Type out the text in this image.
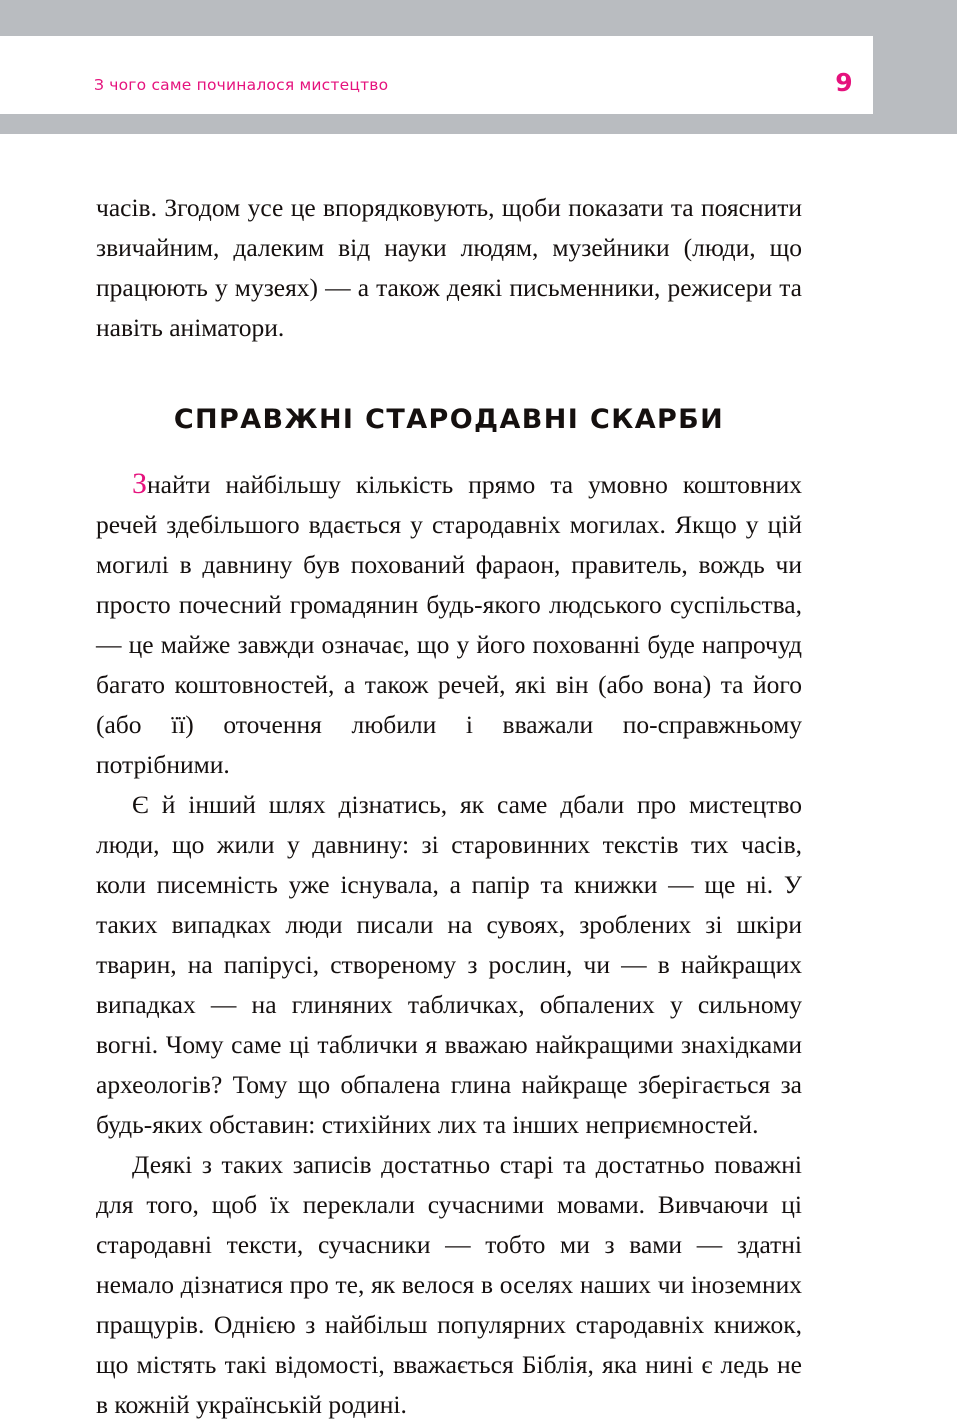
З чого саме починалося мистецтво	9

часів. Згодом усе це впорядковують, щоби показати та пояснити звичайним, далеким від науки людям, музейники (люди, що працюють у музеях) — а також деякі письменники, режисери та навіть аніматори.

СПРАВЖНІ СТАРОДАВНІ СКАРБИ

Знайти найбільшу кількість прямо та умовно коштовних речей здебільшого вдається у стародавніх могилах. Якщо у цій могилі в давнину був похований фараон, правитель, вождь чи просто почесний громадянин будь-якого людського суспільства, — це майже завжди означає, що у його похованні буде напрочуд багато коштовностей, а також речей, які він (або вона) та його (або її) оточення любили і вважали по-справжньому потрібними.

Є й інший шлях дізнатись, як саме дбали про мистецтво люди, що жили у давнину: зі старовинних текстів тих часів, коли писемність уже існувала, а папір та книжки — ще ні. У таких випадках люди писали на сувоях, зроблених зі шкіри тварин, на папірусі, створеному з рослин, чи — в найкращих випадках — на глиняних табличках, обпалених у сильному вогні. Чому саме ці таблички я вважаю найкращими знахідками археологів? Тому що обпалена глина найкраще зберігається за будь-яких обставин: стихійних лих та інших неприємностей.

Деякі з таких записів достатньо старі та достатньо поважні для того, щоб їх переклали сучасними мовами. Вивчаючи ці стародавні тексти, сучасники — тобто ми з вами — здатні немало дізнатися про те, як велося в оселях наших чи іноземних пращурів. Однією з найбільш популярних стародавніх книжок, що містять такі відомості, вважається Біблія, яка нині є ледь не в кожній українській родині.
